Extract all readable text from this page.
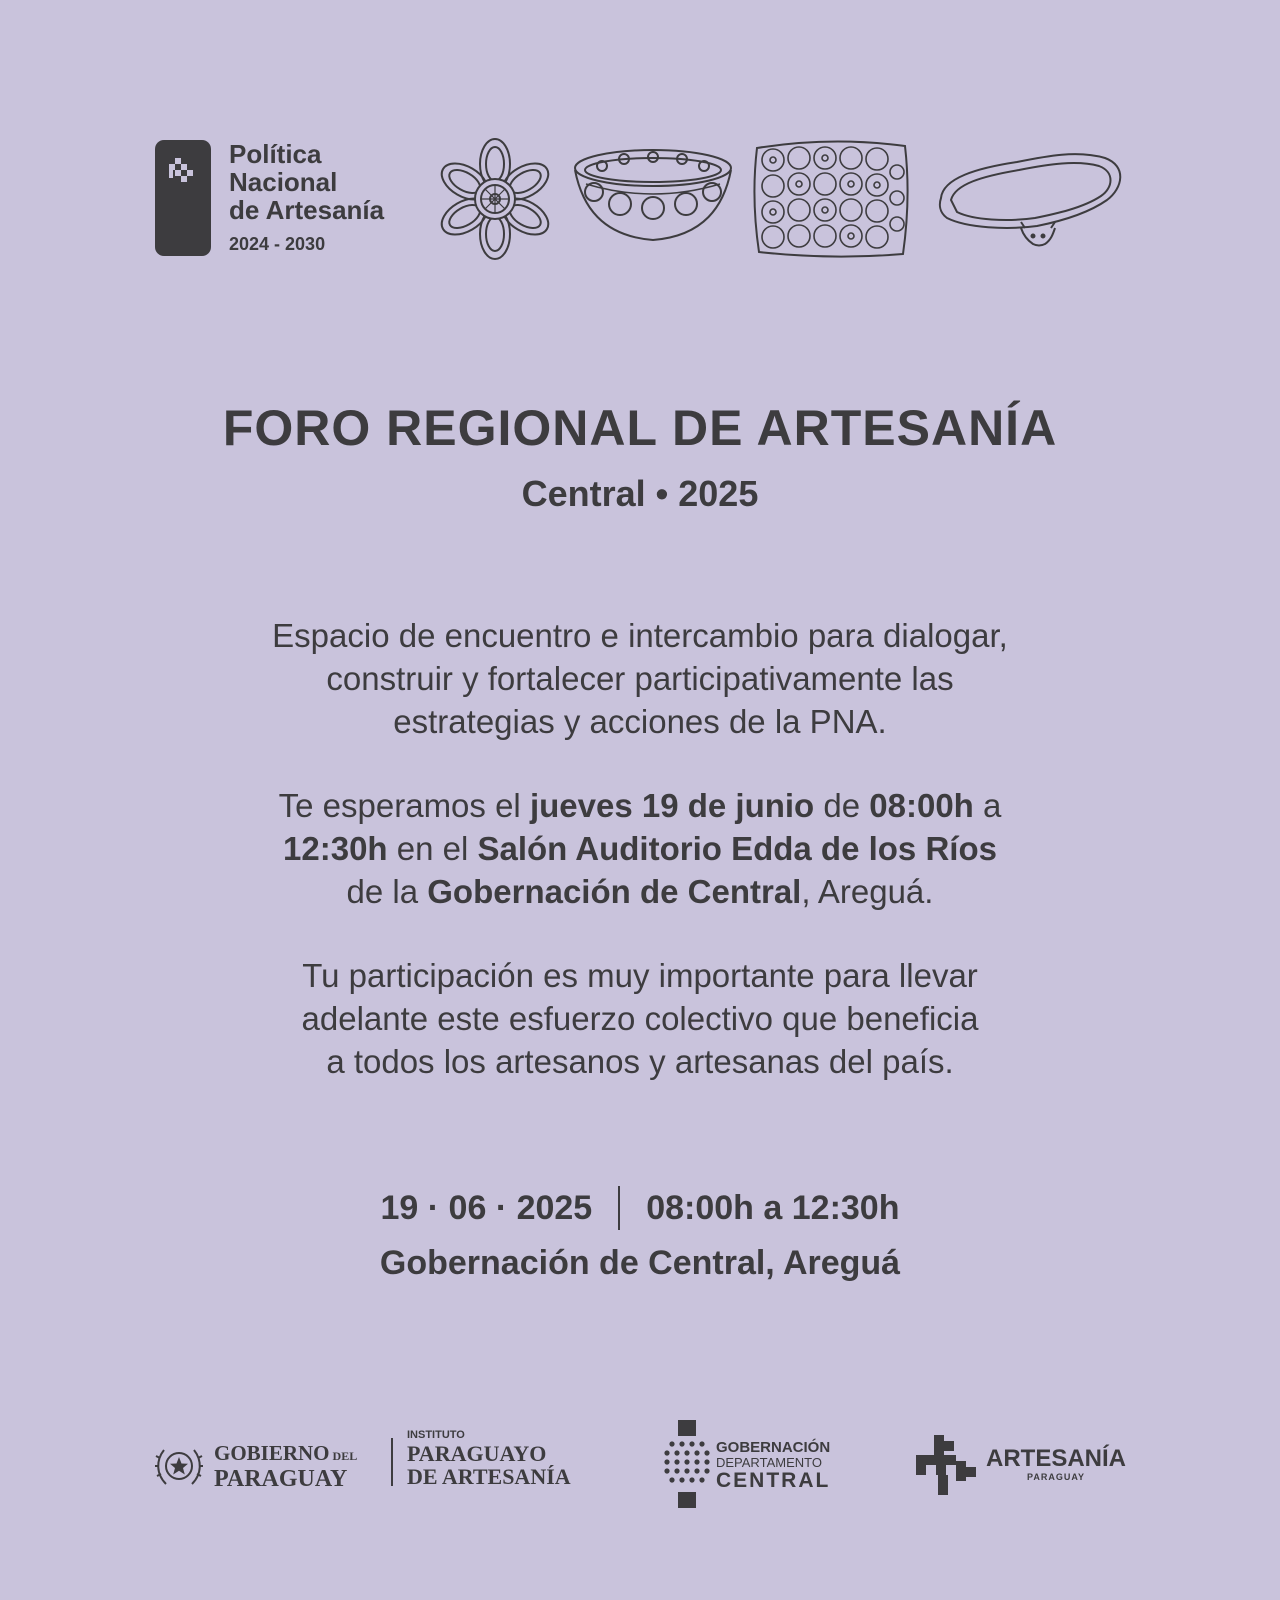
Política
Nacional
de Artesanía
2024 - 2030
FORO REGIONAL DE ARTESANÍA
Central • 2025
Espacio de encuentro e intercambio para dialogar,
construir y fortalecer participativamente las
estrategias y acciones de la PNA.
Te esperamos el jueves 19 de junio de 08:00h a
12:30h en el Salón Auditorio Edda de los Ríos
de la Gobernación de Central, Areguá.
Tu participación es muy importante para llevar
adelante este esfuerzo colectivo que beneficia
a todos los artesanos y artesanas del país.
19 · 06 · 2025 08:00h a 12:30h
Gobernación de Central, Areguá
GOBIERNO DEL
PARAGUAY
INSTITUTO
PARAGUAYO
DE ARTESANÍA
GOBERNACIÓN
DEPARTAMENTO
CENTRAL
ARTESANÍA
PARAGUAY
